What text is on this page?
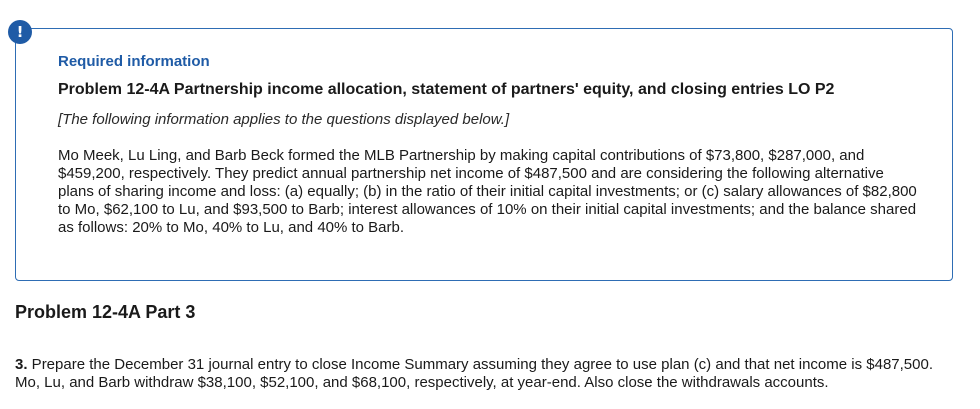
!
Required information
Problem 12-4A Partnership income allocation, statement of partners' equity, and closing entries LO P2
[The following information applies to the questions displayed below.]
Mo Meek, Lu Ling, and Barb Beck formed the MLB Partnership by making capital contributions of $73,800, $287,000, and $459,200, respectively. They predict annual partnership net income of $487,500 and are considering the following alternative plans of sharing income and loss: (a) equally; (b) in the ratio of their initial capital investments; or (c) salary allowances of $82,800 to Mo, $62,100 to Lu, and $93,500 to Barb; interest allowances of 10% on their initial capital investments; and the balance shared as follows: 20% to Mo, 40% to Lu, and 40% to Barb.
Problem 12-4A Part 3
3. Prepare the December 31 journal entry to close Income Summary assuming they agree to use plan (c) and that net income is $487,500. Mo, Lu, and Barb withdraw $38,100, $52,100, and $68,100, respectively, at year-end. Also close the withdrawals accounts.
